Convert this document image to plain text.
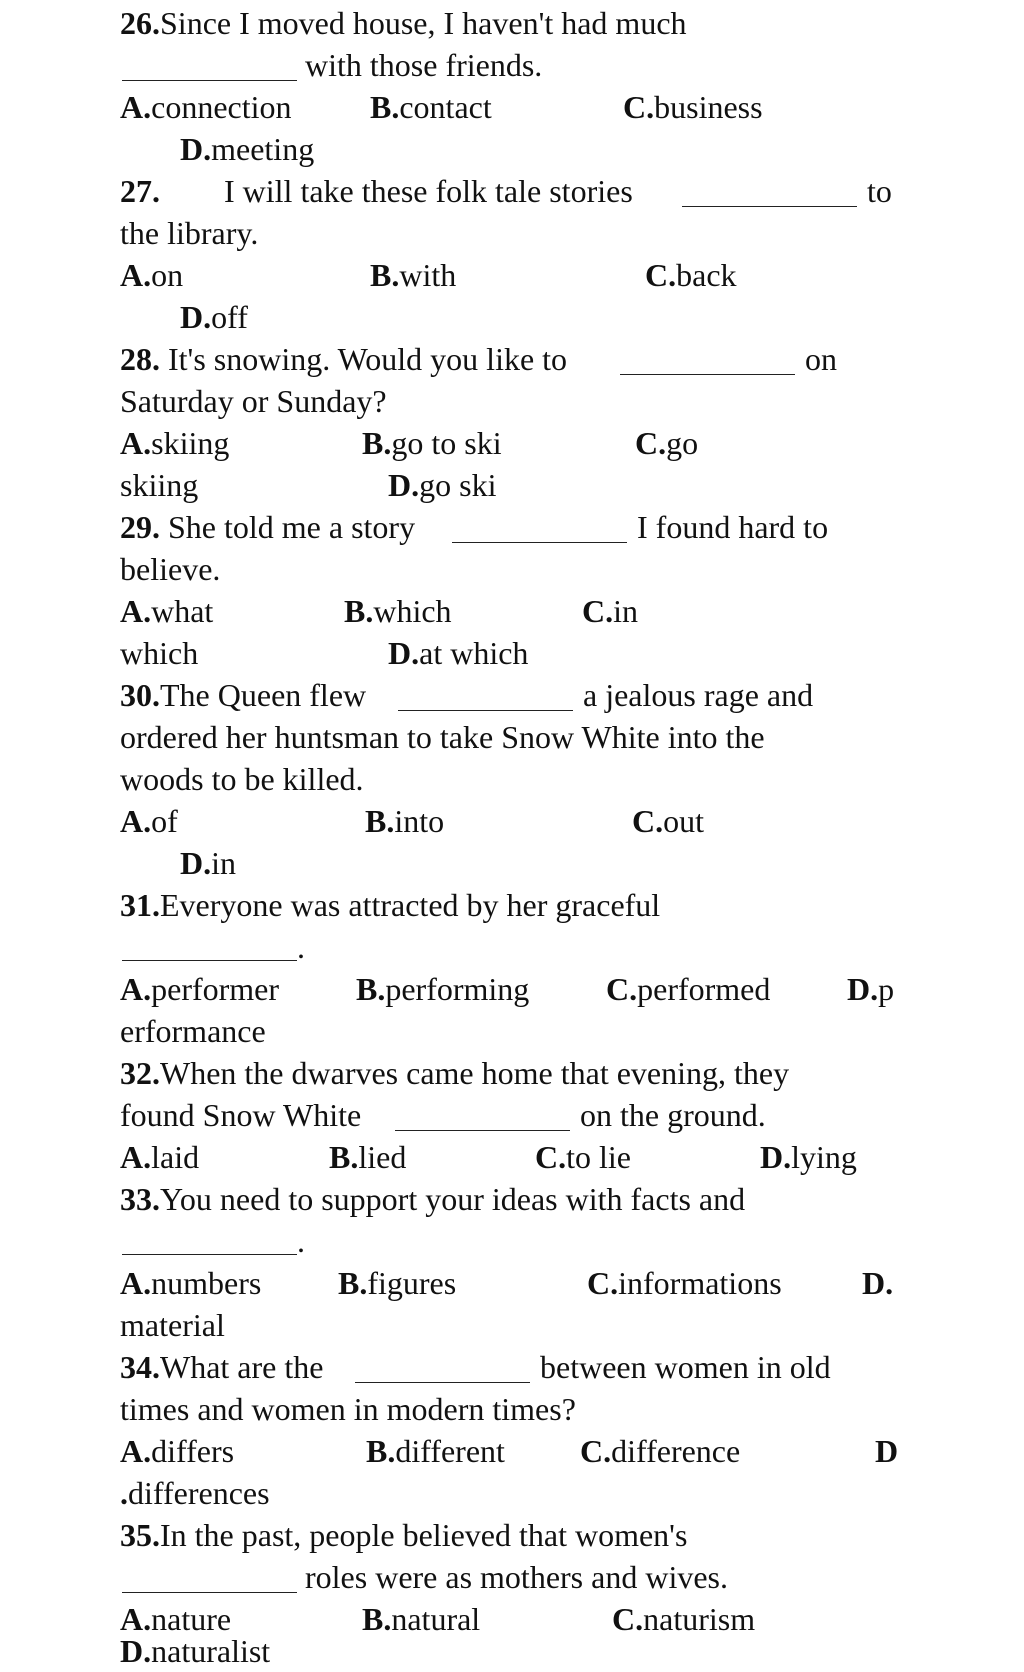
26.Since I moved house, I haven't had much
with those friends.
A.connection B.contact	C.business
D.meeting
27. I will take these folk tale stories	to
the library.
A.on	B.with	C.back
D.off
28. It's snowing. Would you like to	on
Saturday or Sunday?
A.skiing	B.go to ski	C.go
skiing	D.go ski
29. She told me a story	I found hard to
believe.
A.what	B.which	C.in
which	D.at which
30.The Queen flew	a jealous rage and
ordered her huntsman to take Snow White into the
woods to be killed.
A.of	B.into	C.out
D.in
31.Everyone was attracted by her graceful
.
A.performer B.performing C.performed D.p
erformance
32.When the dwarves came home that evening, they
found Snow White	on the ground.
A.laid	B.lied	C.to lie	D.lying
33.You need to support your ideas with facts and
.
A.numbers B.figures	C.informations	D.
material
34.What are the	between women in old
times and women in modern times?
A.differs	B.different C.difference	D
.differences
35.In the past, people believed that women's
roles were as mothers and wives.
A.nature	B.natural	C.naturism
D.naturalist
